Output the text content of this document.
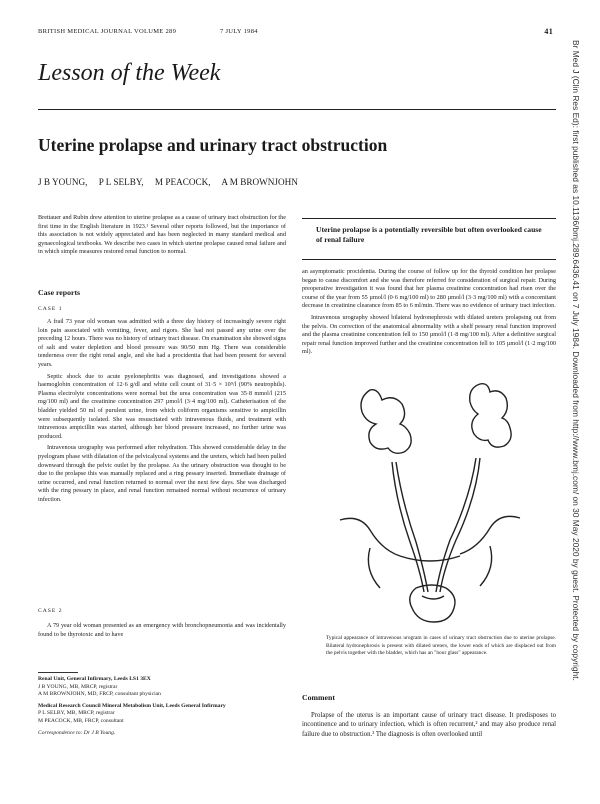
BRITISH MEDICAL JOURNAL VOLUME 289	7 JULY 1984	41
Br Med J (Clin Res Ed): first published as 10.1136/bmj.289.6436.41 on 7 July 1984. Downloaded from http://www.bmj.com/ on 30 May 2020 by guest. Protected by copyright.
Lesson of the Week
Uterine prolapse and urinary tract obstruction
J B YOUNG, P L SELBY, M PEACOCK, A M BROWNJOHN

Brettauer and Rubin drew attention to uterine prolapse as a cause of urinary tract obstruction for the first time in the English literature in 1923.¹ Several other reports followed, but the importance of this association is not widely appreciated and has been neglected in many standard medical and gynaecological textbooks. We describe two cases in which uterine prolapse caused renal failure and in which simple measures restored renal function to normal.

Case reports
CASE 1

A frail 73 year old woman was admitted with a three day history of increasingly severe right loin pain associated with vomiting, fever, and rigors. She had not passed any urine over the preceding 12 hours. There was no history of urinary tract disease. On examination she showed signs of salt and water depletion and blood pressure was 90/50 mm Hg. There was considerable tenderness over the right renal angle, and she had a procidentia that had been present for several years.

Septic shock due to acute pyelonephritis was diagnosed, and investigations showed a haemoglobin concentration of 12·6 g/dl and white cell count of 31·5 × 10⁹/l (90% neutrophils). Plasma electrolyte concentrations were normal but the urea concentration was 35·8 mmol/l (215 mg/100 ml) and the creatinine concentration 297 µmol/l (3·4 mg/100 ml). Catheterisation of the bladder yielded 50 ml of purulent urine, from which coliform organisms sensitive to ampicillin were subsequently isolated. She was resuscitated with intravenous fluids, and treatment with intravenous ampicillin was started, although her blood pressure increased, no further urine was produced.

Intravenous urography was performed after rehydration. This showed considerable delay in the pyelogram phase with dilatation of the pelvicalyceal systems and the ureters, which had been pulled downward through the pelvic outlet by the prolapse. As the urinary obstruction was thought to be due to the prolapse this was manually replaced and a ring pessary inserted. Immediate drainage of urine occurred, and renal function returned to normal over the next few days. She was discharged with the ring pessary in place, and renal function remained normal without recurrence of urinary infection.

CASE 2

A 79 year old woman presented as an emergency with bronchopneumonia and was incidentally found to be thyrotoxic and to have

Renal Unit, General Infirmary, Leeds LS1 3EX
J B YOUNG, MB, MRCP, registrar
A M BROWNJOHN, MD, FRCP, consultant physician
Medical Research Council Mineral Metabolism Unit, Leeds General Infirmary
P L SELBY, MB, MRCP, registrar
M PEACOCK, MB, FRCP, consultant
Correspondence to: Dr J B Young.
Uterine prolapse is a potentially reversible but often overlooked cause of renal failure

an asymptomatic procidentia. During the course of follow up for the thyroid condition her prolapse began to cause discomfort and she was therefore referred for consideration of surgical repair. During preoperative investigation it was found that her plasma creatinine concentration had risen over the course of the year from 55 µmol/l (0·6 mg/100 ml) to 280 µmol/l (3·3 mg/100 ml) with a concomitant decrease in creatinine clearance from 85 to 6 ml/min. There was no evidence of urinary tract infection.

Intravenous urography showed bilateral hydronephrosis with dilated ureters prolapsing out from the pelvis. On correction of the anatomical abnormality with a shelf pessary renal function improved and the plasma creatinine concentration fell to 150 µmol/l (1·8 mg/100 ml). After a definitive surgical repair renal function improved further and the creatinine concentration fell to 105 µmol/l (1·2 mg/100 ml).

Typical appearance of intravenous urogram in cases of urinary tract obstruction due to uterine prolapse. Bilateral hydronephrosis is present with dilated ureters, the lower ends of which are displaced out from the pelvis together with the bladder, which has an "hour glass" appearance.
Comment

Prolapse of the uterus is an important cause of urinary tract disease. It predisposes to incontinence and to urinary infection, which is often recurrent,² and may also produce renal failure due to obstruction.³ The diagnosis is often overlooked until
